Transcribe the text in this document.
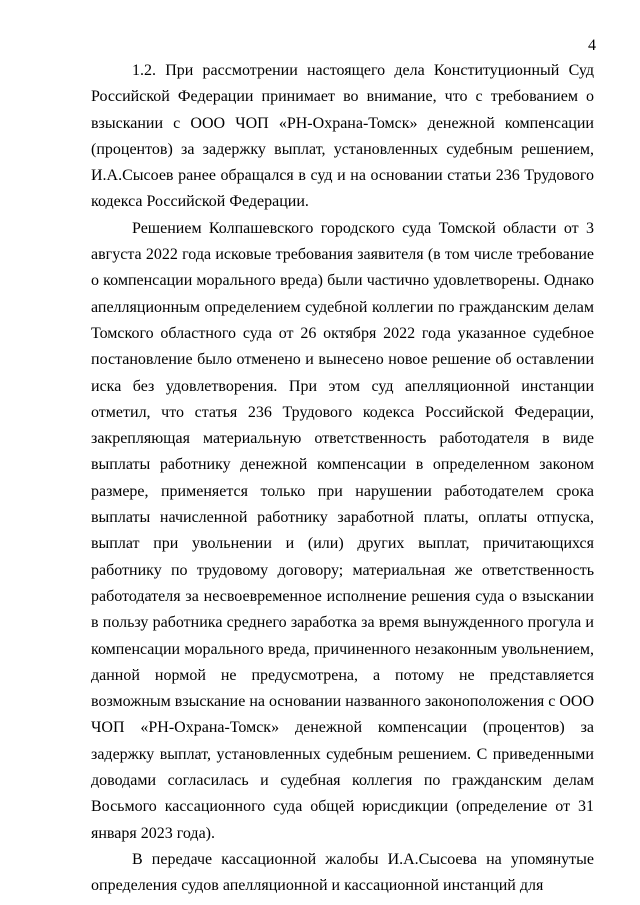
4

1.2. При рассмотрении настоящего дела Конституционный Суд Российской Федерации принимает во внимание, что с требованием о взыскании с ООО ЧОП «РН-Охрана-Томск» денежной компенсации (процентов) за задержку выплат, установленных судебным решением, И.А.Сысоев ранее обращался в суд и на основании статьи 236 Трудового кодекса Российской Федерации.

Решением Колпашевского городского суда Томской области от 3 августа 2022 года исковые требования заявителя (в том числе требование о компенсации морального вреда) были частично удовлетворены. Однако апелляционным определением судебной коллегии по гражданским делам Томского областного суда от 26 октября 2022 года указанное судебное постановление было отменено и вынесено новое решение об оставлении иска без удовлетворения. При этом суд апелляционной инстанции отметил, что статья 236 Трудового кодекса Российской Федерации, закрепляющая материальную ответственность работодателя в виде выплаты работнику денежной компенсации в определенном законом размере, применяется только при нарушении работодателем срока выплаты начисленной работнику заработной платы, оплаты отпуска, выплат при увольнении и (или) других выплат, причитающихся работнику по трудовому договору; материальная же ответственность работодателя за несвоевременное исполнение решения суда о взыскании в пользу работника среднего заработка за время вынужденного прогула и компенсации морального вреда, причиненного незаконным увольнением, данной нормой не предусмотрена, а потому не представляется возможным взыскание на основании названного законоположения с ООО ЧОП «РН-Охрана-Томск» денежной компенсации (процентов) за задержку выплат, установленных судебным решением. С приведенными доводами согласилась и судебная коллегия по гражданским делам Восьмого кассационного суда общей юрисдикции (определение от 31 января 2023 года).

В передаче кассационной жалобы И.А.Сысоева на упомянутые определения судов апелляционной и кассационной инстанций для
